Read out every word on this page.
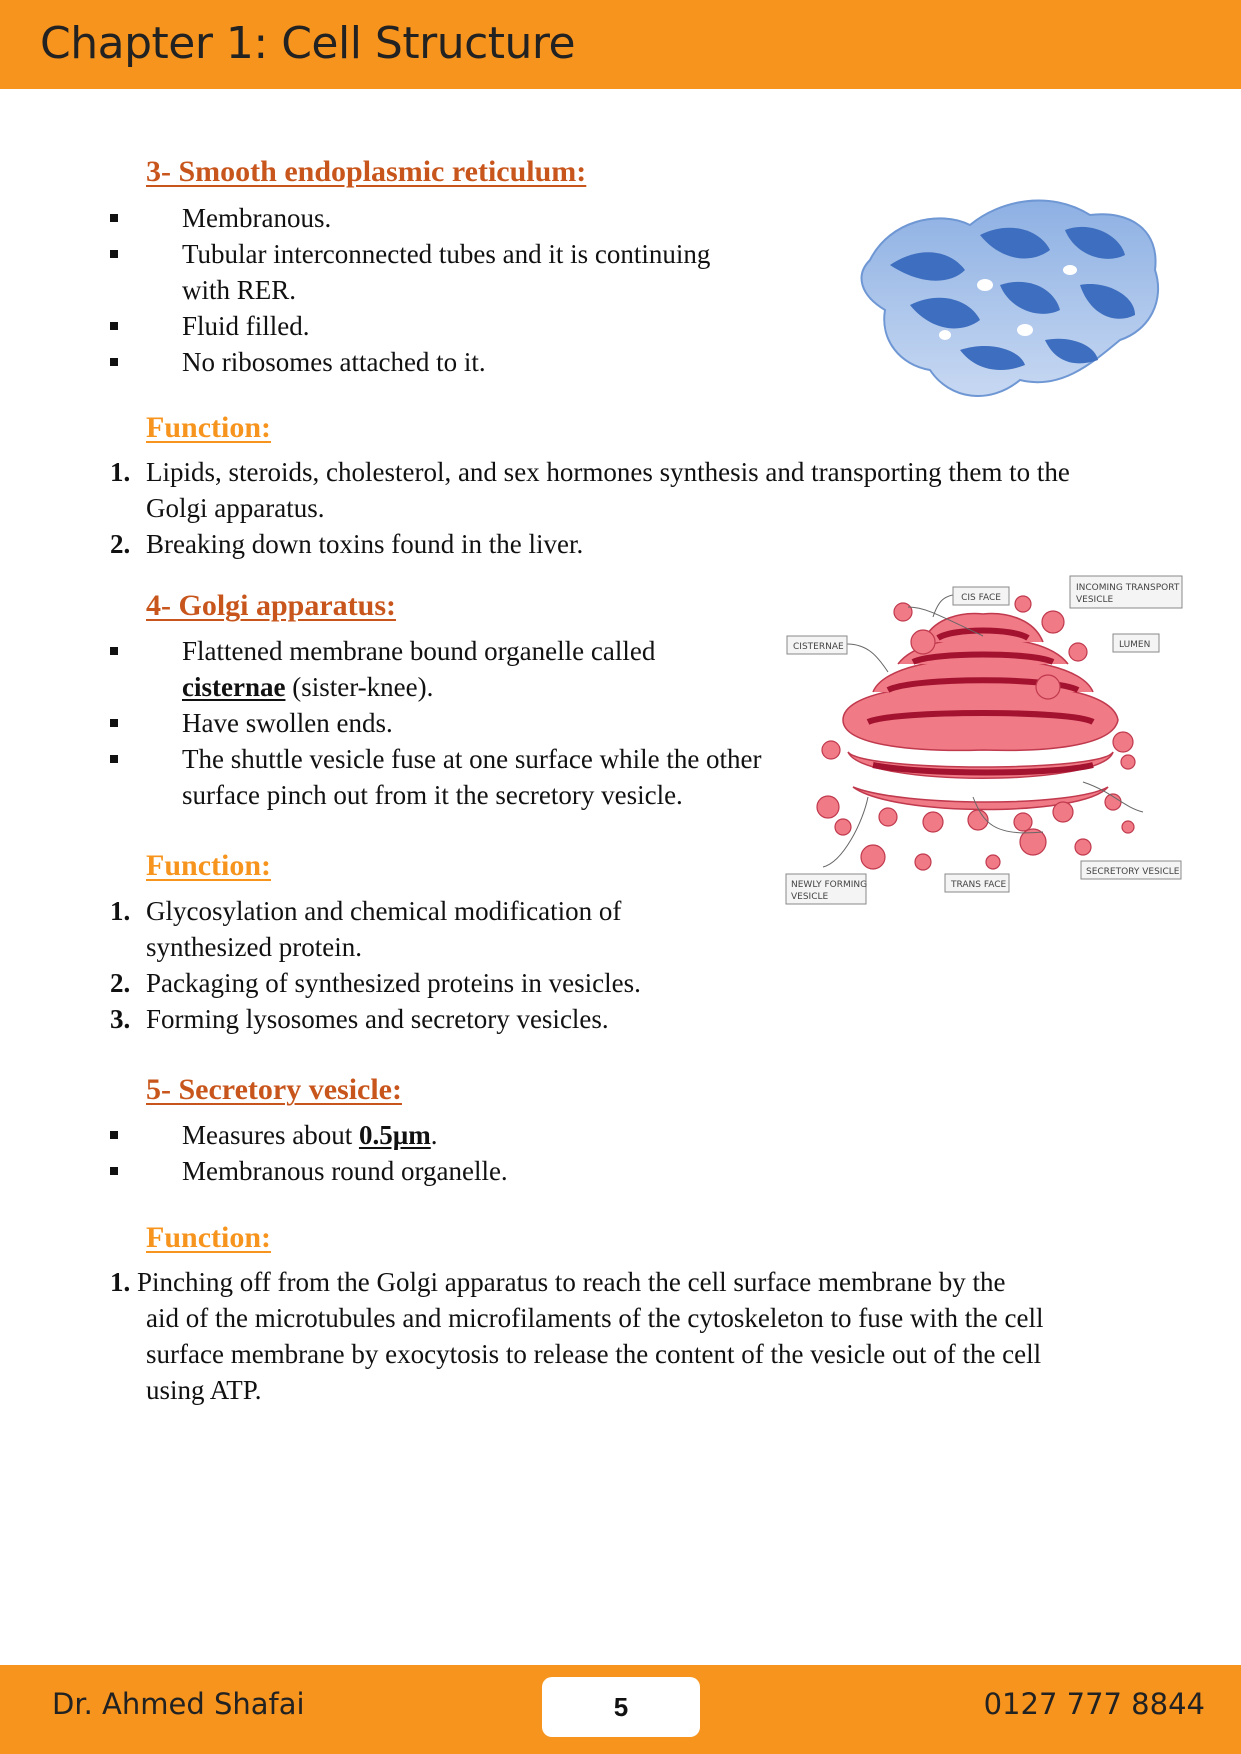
Chapter 1: Cell Structure
3- Smooth endoplasmic reticulum:
Membranous.
Tubular interconnected tubes and it is continuing with RER.
Fluid filled.
No ribosomes attached to it.
Function:
1. Lipids, steroids, cholesterol, and sex hormones synthesis and transporting them to the Golgi apparatus.
2. Breaking down toxins found in the liver.
4- Golgi apparatus:
Flattened membrane bound organelle called
cisternae (sister-knee).
Have swollen ends.
The shuttle vesicle fuse at one surface while the other surface pinch out from it the secretory vesicle.
CIS FACE
INCOMING TRANSPORT
VESICLE
CISTERNAE	LUMEN
NEWLY FORMING
VESICLE
TRANS FACE
SECRETORY VESICLE
Function:
1. Glycosylation and chemical modification of synthesized protein.
2. Packaging of synthesized proteins in vesicles.
3. Forming lysosomes and secretory vesicles.
5- Secretory vesicle:
Measures about 0.5µm.
Membranous round organelle.
Function:
1. Pinching off from the Golgi apparatus to reach the cell surface membrane by the
aid of the microtubules and microfilaments of the cytoskeleton to fuse with the cell surface membrane by exocytosis to release the content of the vesicle out of the cell using ATP.
Dr. Ahmed Shafai	5	0127 777 8844
